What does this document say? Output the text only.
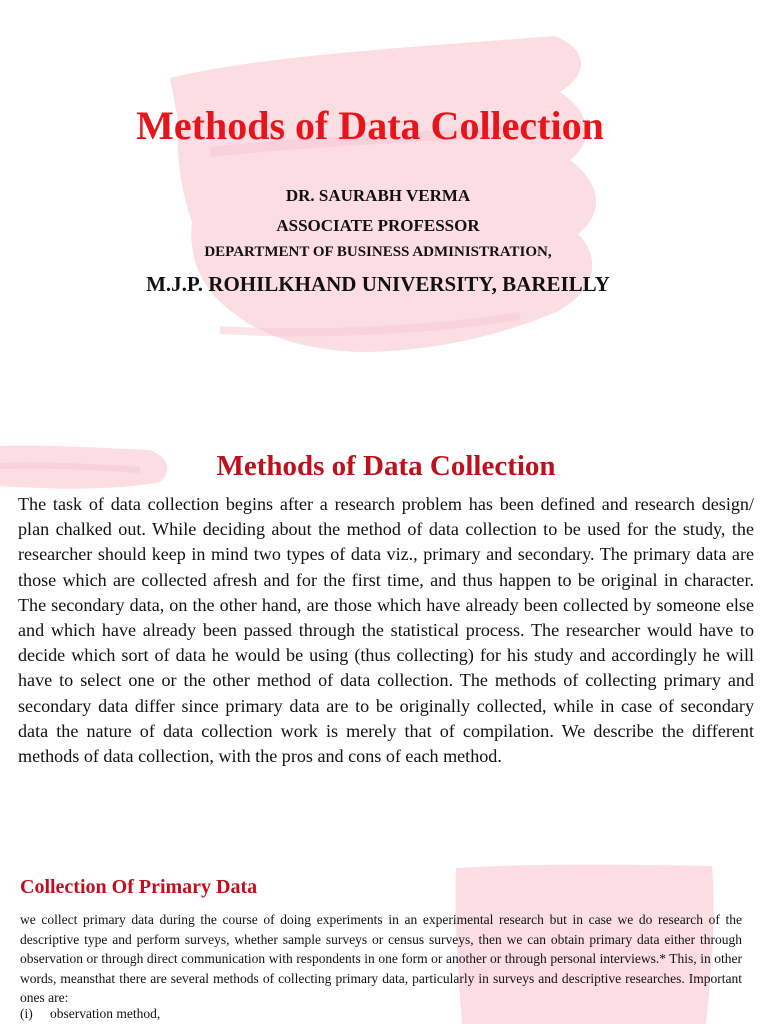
Methods of Data Collection

DR. SAURABH VERMA

ASSOCIATE PROFESSOR

DEPARTMENT OF BUSINESS ADMINISTRATION,

M.J.P. ROHILKHAND UNIVERSITY, BAREILLY

Methods of Data Collection

The task of data collection begins after a research problem has been defined and research design/ plan chalked out. While deciding about the method of data collection to be used for the study, the researcher should keep in mind two types of data viz., primary and secondary. The primary data are those which are collected afresh and for the first time, and thus happen to be original in character. The secondary data, on the other hand, are those which have already been collected by someone else and which have already been passed through the statistical process. The researcher would have to decide which sort of data he would be using (thus collecting) for his study and accordingly he will have to select one or the other method of data collection. The methods of collecting primary and secondary data differ since primary data are to be originally collected, while in case of secondary data the nature of data collection work is merely that of compilation. We describe the different methods of data collection, with the pros and cons of each method.

Collection Of Primary Data

we collect primary data during the course of doing experiments in an experimental research but in case we do research of the descriptive type and perform surveys, whether sample surveys or census surveys, then we can obtain primary data either through observation or through direct communication with respondents in one form or another or through personal interviews.* This, in other words, meansthat there are several methods of collecting primary data, particularly in surveys and descriptive researches. Important ones are:

(i) observation method,
